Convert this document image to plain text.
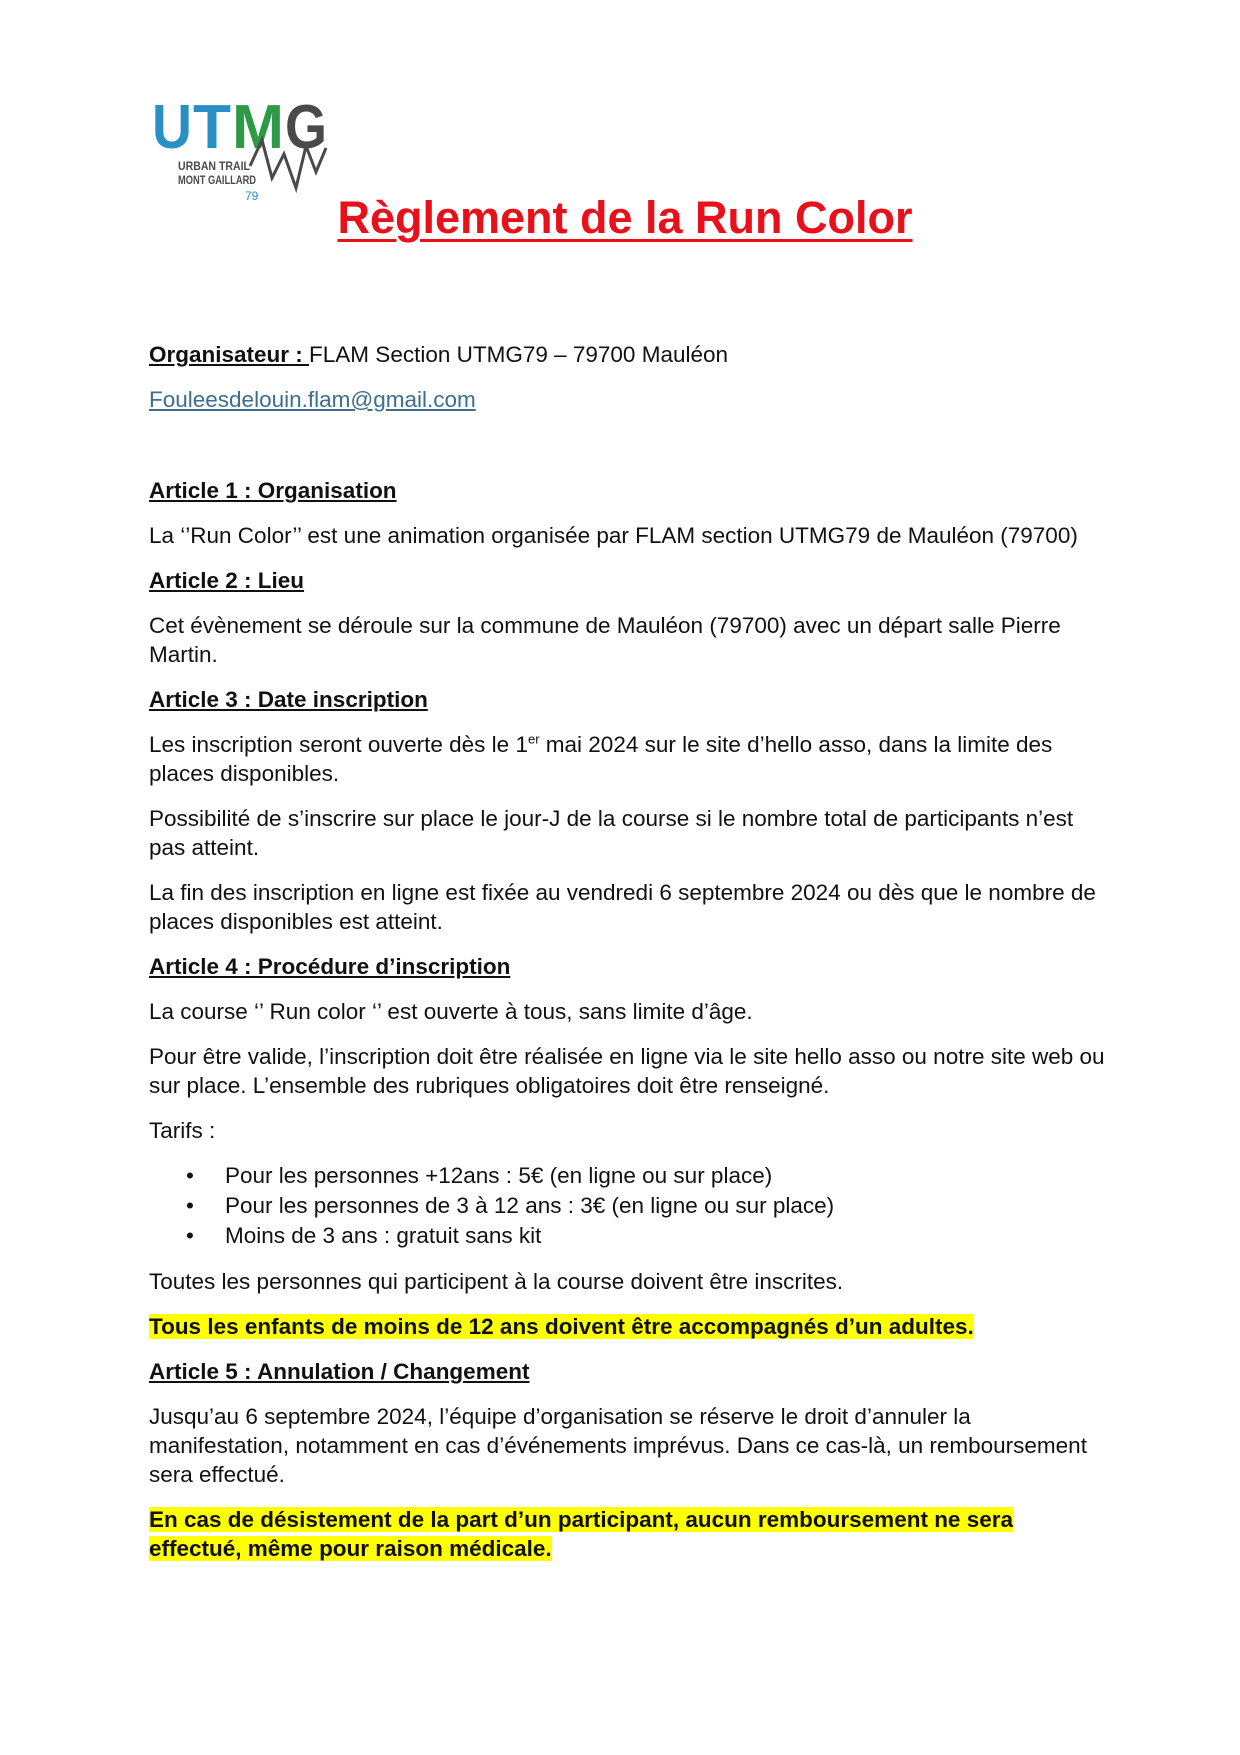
U T M G
URBAN TRAIL
MONT GAILLARD
79	Règlement de la Run Color

Organisateur : FLAM Section UTMG79 – 79700 Mauléon

Fouleesdelouin.flam@gmail.com

Article 1 : Organisation

La ‘’Run Color’’ est une animation organisée par FLAM section UTMG79 de Mauléon (79700)

Article 2 : Lieu

Cet évènement se déroule sur la commune de Mauléon (79700) avec un départ salle Pierre Martin.

Article 3 : Date inscription

Les inscription seront ouverte dès le 1er mai 2024 sur le site d’hello asso, dans la limite des places disponibles.

Possibilité de s’inscrire sur place le jour-J de la course si le nombre total de participants n’est pas atteint.

La fin des inscription en ligne est fixée au vendredi 6 septembre 2024 ou dès que le nombre de places disponibles est atteint.

Article 4 : Procédure d’inscription

La course ‘’ Run color ‘’ est ouverte à tous, sans limite d’âge.

Pour être valide, l’inscription doit être réalisée en ligne via le site hello asso ou notre site web ou sur place. L’ensemble des rubriques obligatoires doit être renseigné.

Tarifs :

• Pour les personnes +12ans : 5€ (en ligne ou sur place)
• Pour les personnes de 3 à 12 ans : 3€ (en ligne ou sur place)
• Moins de 3 ans : gratuit sans kit

Toutes les personnes qui participent à la course doivent être inscrites.

Tous les enfants de moins de 12 ans doivent être accompagnés d’un adultes.

Article 5 : Annulation / Changement

Jusqu’au 6 septembre 2024, l’équipe d’organisation se réserve le droit d’annuler la manifestation, notamment en cas d’événements imprévus. Dans ce cas-là, un remboursement sera effectué.

En cas de désistement de la part d’un participant, aucun remboursement ne sera effectué, même pour raison médicale.
